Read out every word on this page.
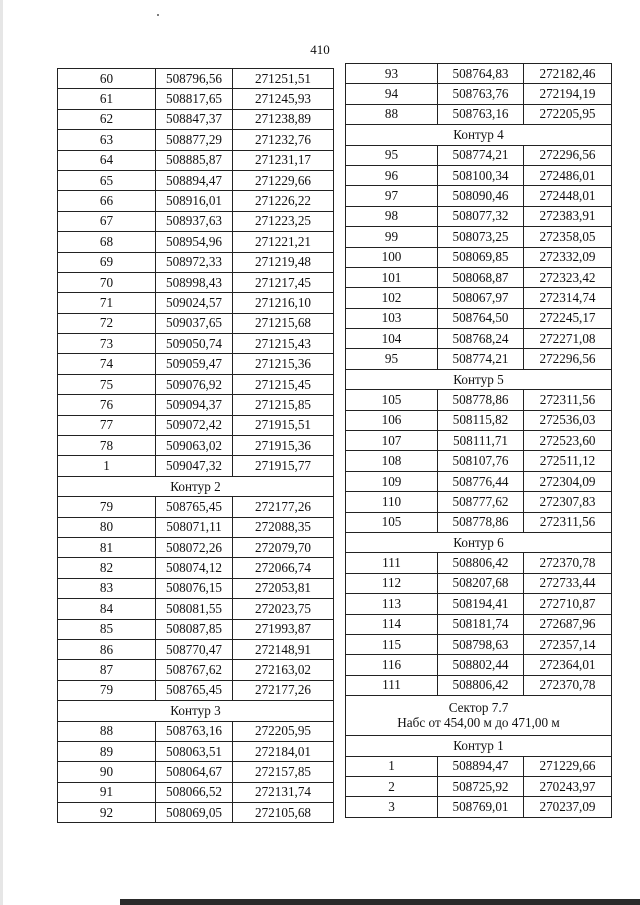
410
60	508796,56	271251,51
61	508817,65	271245,93
62	508847,37	271238,89
63	508877,29	271232,76
64	508885,87	271231,17
65	508894,47	271229,66
66	508916,01	271226,22
67	508937,63	271223,25
68	508954,96	271221,21
69	508972,33	271219,48
70	508998,43	271217,45
71	509024,57	271216,10
72	509037,65	271215,68
73	509050,74	271215,43
74	509059,47	271215,36
75	509076,92	271215,45
76	509094,37	271215,85
77	509072,42	271915,51
78	509063,02	271915,36
1	509047,32	271915,77
Контур 2		
79	508765,45	272177,26
80	508071,11	272088,35
81	508072,26	272079,70
82	508074,12	272066,74
83	508076,15	272053,81
84	508081,55	272023,75
85	508087,85	271993,87
86	508770,47	272148,91
87	508767,62	272163,02
79	508765,45	272177,26
Контур 3		
88	508763,16	272205,95
89	508063,51	272184,01
90	508064,67	272157,85
91	508066,52	272131,74
92	508069,05	272105,68
93	508764,83	272182,46
94	508763,76	272194,19
88	508763,16	272205,95
Контур 4		
95	508774,21	272296,56
96	508100,34	272486,01
97	508090,46	272448,01
98	508077,32	272383,91
99	508073,25	272358,05
100	508069,85	272332,09
101	508068,87	272323,42
102	508067,97	272314,74
103	508764,50	272245,17
104	508768,24	272271,08
95	508774,21	272296,56
Контур 5		
105	508778,86	272311,56
106	508115,82	272536,03
107	508111,71	272523,60
108	508107,76	272511,12
109	508776,44	272304,09
110	508777,62	272307,83
105	508778,86	272311,56
Контур 6		
111	508806,42	272370,78
112	508207,68	272733,44
113	508194,41	272710,87
114	508181,74	272687,96
115	508798,63	272357,14
116	508802,44	272364,01
111	508806,42	272370,78

Сектор 7.7
Набс от 454,00 м до 471,00 м		

Контур 1		
1	508894,47	271229,66
2	508725,92	270243,97
3	508769,01	270237,09
